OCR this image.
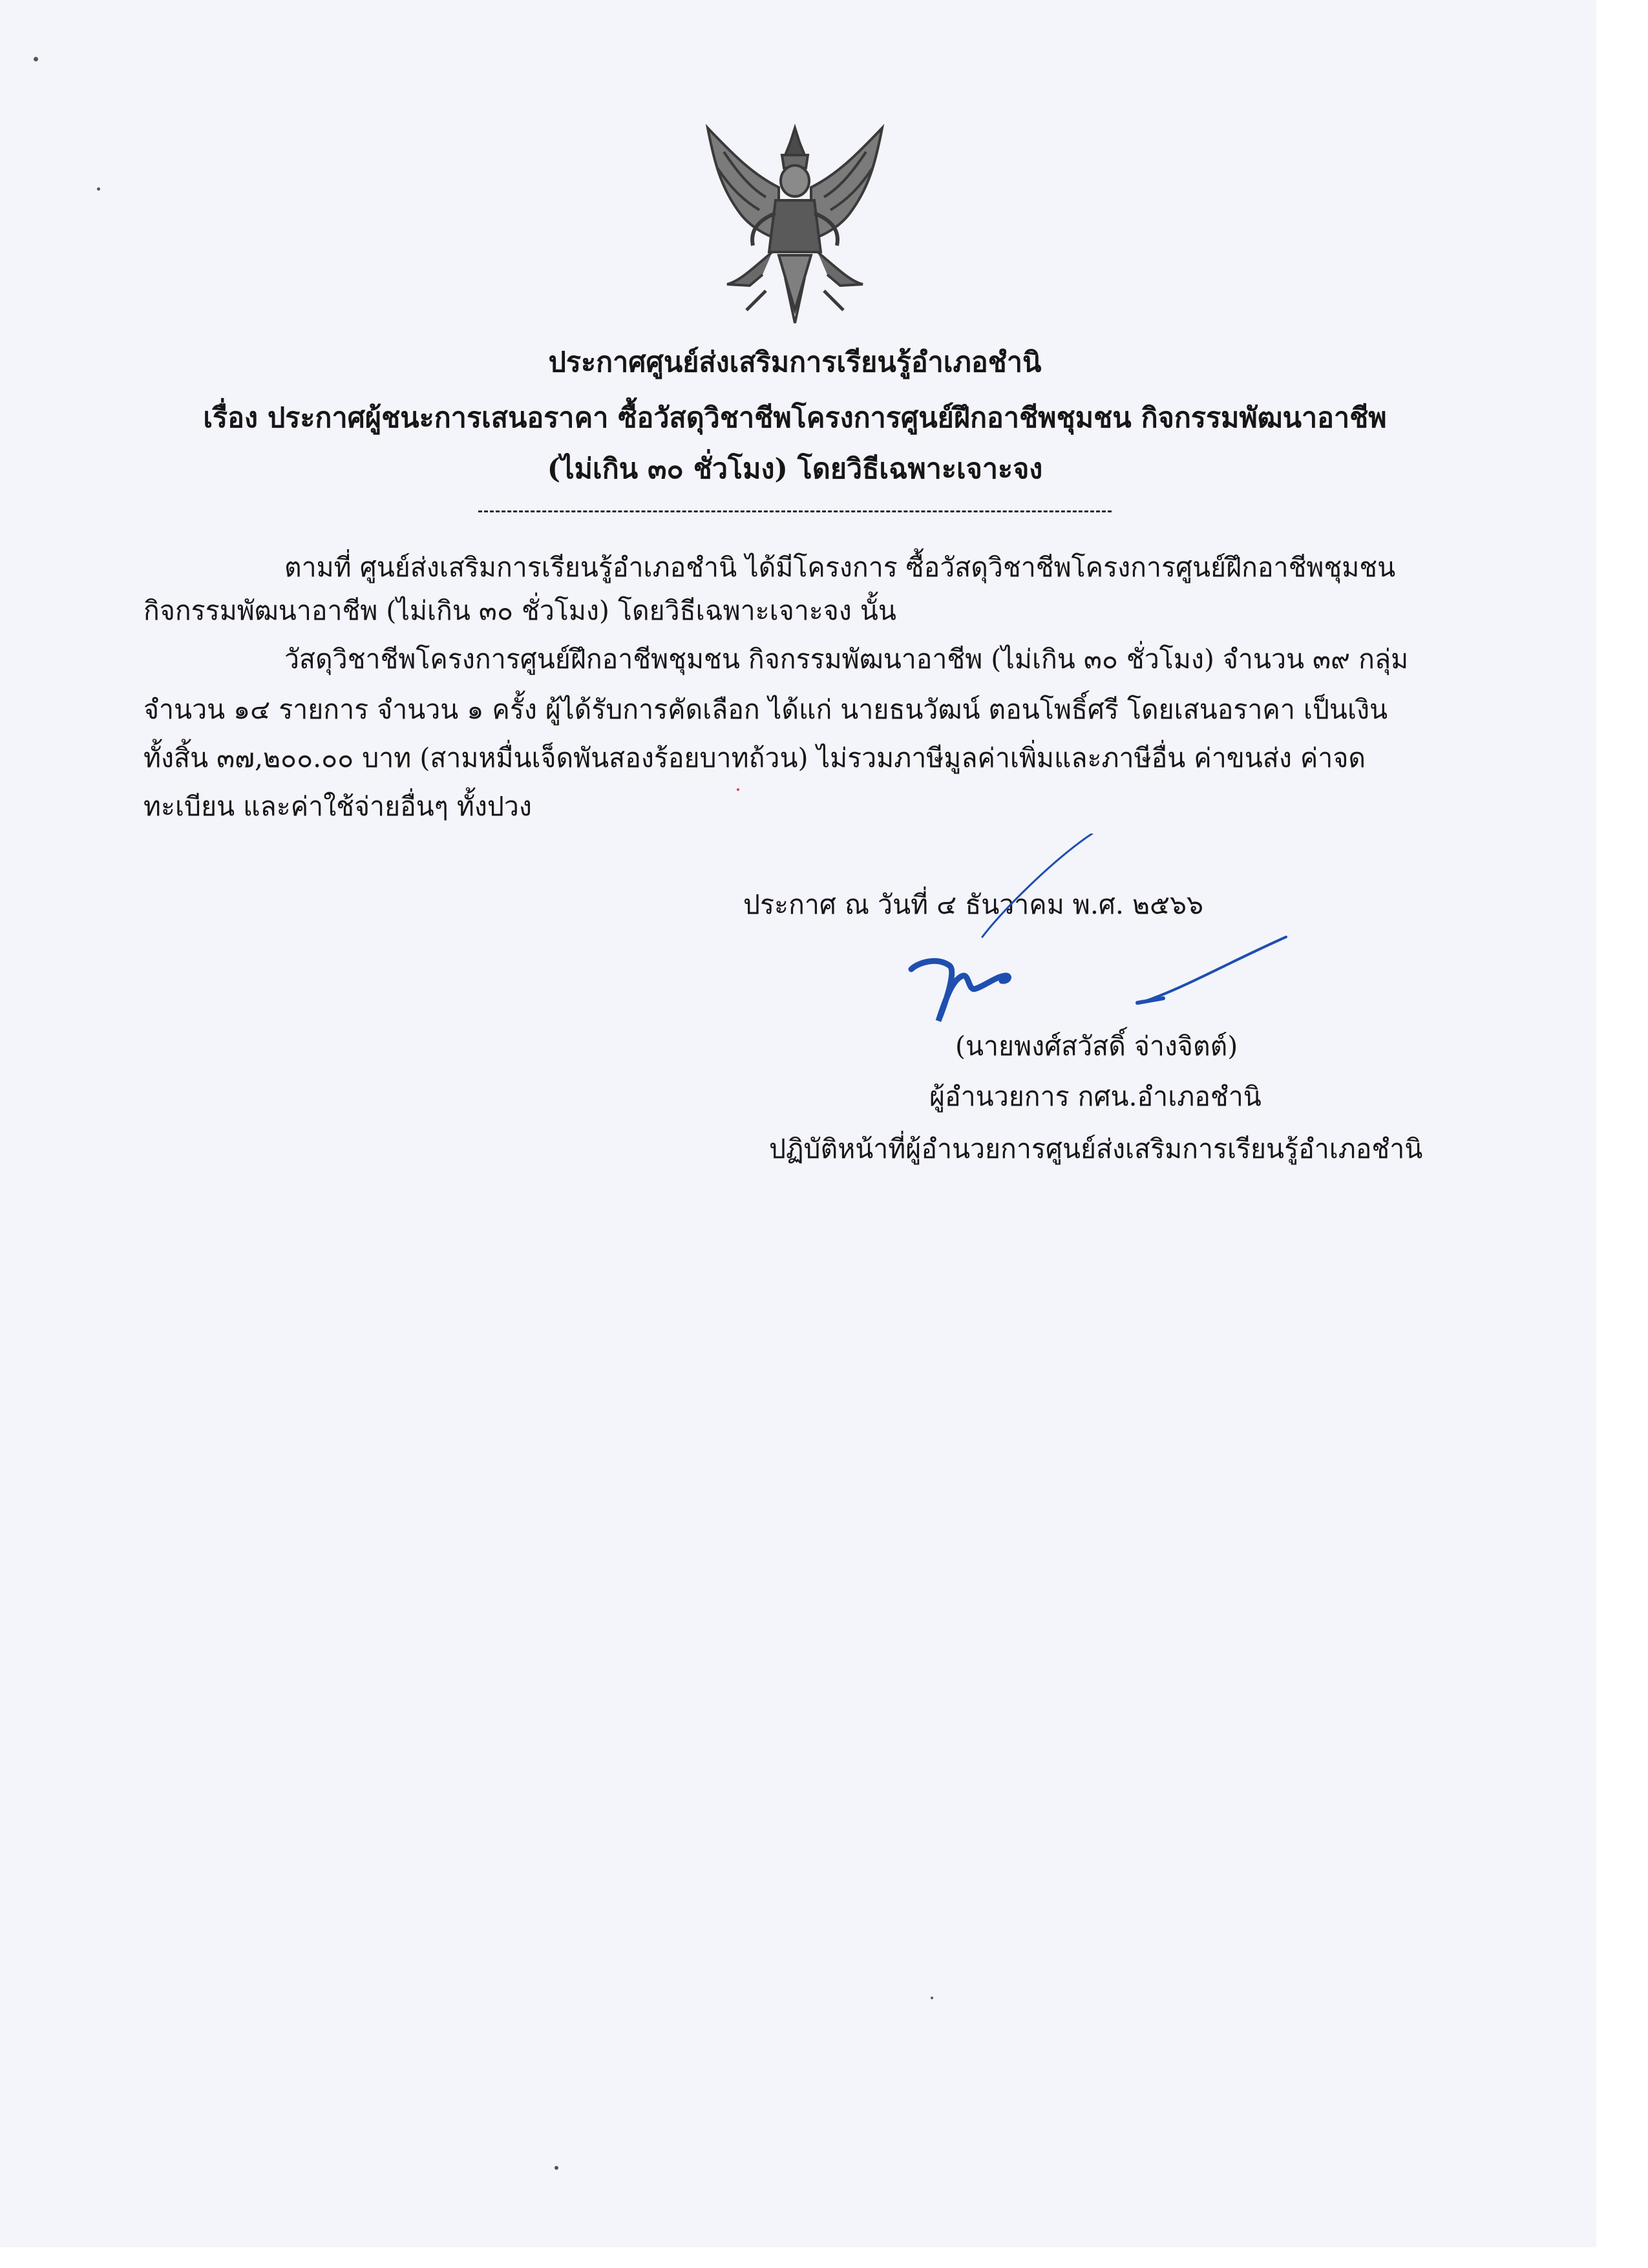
ประกาศศูนย์ส่งเสริมการเรียนรู้อำเภอชำนิ
เรื่อง ประกาศผู้ชนะการเสนอราคา ซื้อวัสดุวิชาชีพโครงการศูนย์ฝึกอาชีพชุมชน กิจกรรมพัฒนาอาชีพ
(ไม่เกิน ๓๐ ชั่วโมง) โดยวิธีเฉพาะเจาะจง
ตามที่ ศูนย์ส่งเสริมการเรียนรู้อำเภอชำนิ ได้มีโครงการ ซื้อวัสดุวิชาชีพโครงการศูนย์ฝึกอาชีพชุมชน
กิจกรรมพัฒนาอาชีพ (ไม่เกิน ๓๐ ชั่วโมง) โดยวิธีเฉพาะเจาะจง นั้น
วัสดุวิชาชีพโครงการศูนย์ฝึกอาชีพชุมชน กิจกรรมพัฒนาอาชีพ (ไม่เกิน ๓๐ ชั่วโมง) จำนวน ๓๙ กลุ่ม
จำนวน ๑๔ รายการ จำนวน ๑ ครั้ง ผู้ได้รับการคัดเลือก ได้แก่ นายธนวัฒน์ ตอนโพธิ์ศรี โดยเสนอราคา เป็นเงิน
ทั้งสิ้น ๓๗,๒๐๐.๐๐ บาท (สามหมื่นเจ็ดพันสองร้อยบาทถ้วน) ไม่รวมภาษีมูลค่าเพิ่มและภาษีอื่น ค่าขนส่ง ค่าจด
ทะเบียน และค่าใช้จ่ายอื่นๆ ทั้งปวง
ประกาศ ณ วันที่ ๔ ธันวาคม พ.ศ. ๒๕๖๖
(นายพงศ์สวัสดิ์ จ่างจิตต์)
ผู้อำนวยการ กศน.อำเภอชำนิ
ปฏิบัติหน้าที่ผู้อำนวยการศูนย์ส่งเสริมการเรียนรู้อำเภอชำนิ
